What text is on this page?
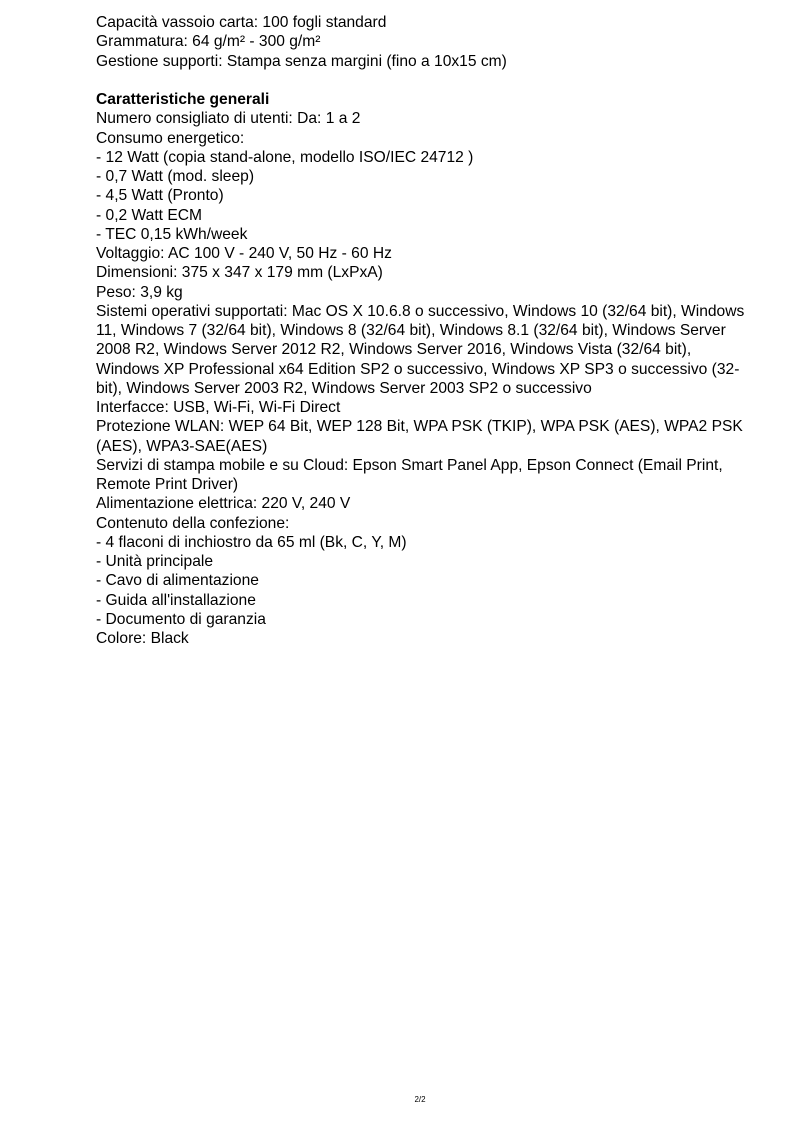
Capacità vassoio carta: 100 fogli standard
Grammatura: 64 g/m² - 300 g/m²
Gestione supporti: Stampa senza margini (fino a 10x15 cm)
Caratteristiche generali
Numero consigliato di utenti: Da: 1 a 2
Consumo energetico:
- 12 Watt (copia stand-alone, modello ISO/IEC 24712 )
- 0,7 Watt (mod. sleep)
- 4,5 Watt (Pronto)
- 0,2 Watt ECM
- TEC 0,15 kWh/week
Voltaggio: AC 100 V - 240 V, 50 Hz - 60 Hz
Dimensioni: 375 x 347 x 179 mm (LxPxA)
Peso: 3,9 kg
Sistemi operativi supportati: Mac OS X 10.6.8 o successivo, Windows 10 (32/64 bit), Windows 11, Windows 7 (32/64 bit), Windows 8 (32/64 bit), Windows 8.1 (32/64 bit), Windows Server 2008 R2, Windows Server 2012 R2, Windows Server 2016, Windows Vista (32/64 bit), Windows XP Professional x64 Edition SP2 o successivo, Windows XP SP3 o successivo (32-bit), Windows Server 2003 R2, Windows Server 2003 SP2 o successivo
Interfacce: USB, Wi-Fi, Wi-Fi Direct
Protezione WLAN: WEP 64 Bit, WEP 128 Bit, WPA PSK (TKIP), WPA PSK (AES), WPA2 PSK (AES), WPA3-SAE(AES)
Servizi di stampa mobile e su Cloud: Epson Smart Panel App, Epson Connect (Email Print, Remote Print Driver)
Alimentazione elettrica: 220 V, 240 V
Contenuto della confezione:
- 4 flaconi di inchiostro da 65 ml (Bk, C, Y, M)
- Unità principale
- Cavo di alimentazione
- Guida all'installazione
- Documento di garanzia
Colore: Black
2/2
